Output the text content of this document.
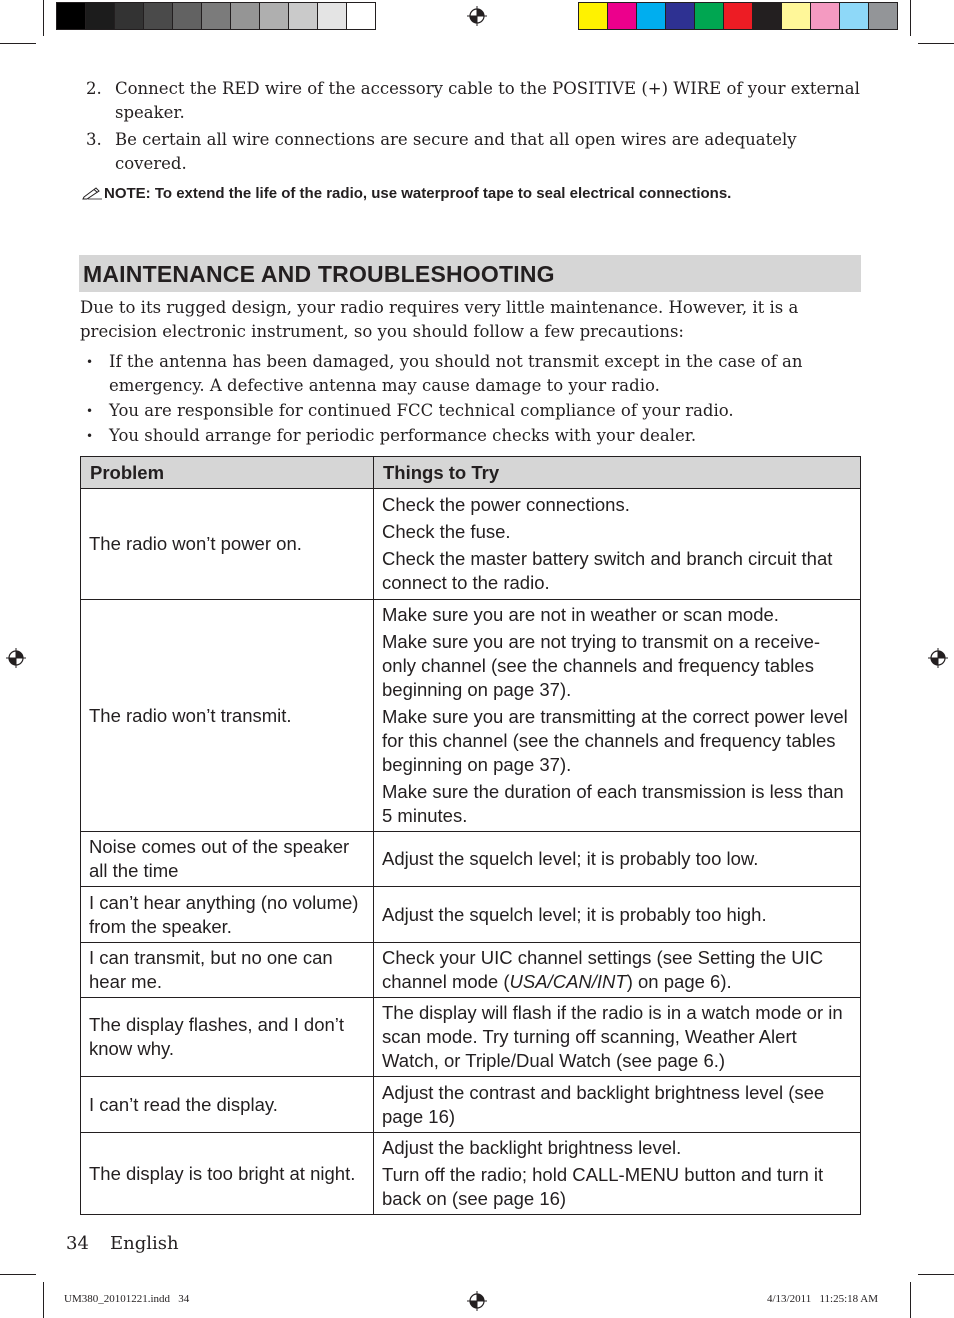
2. Connect the RED wire of the accessory cable to the POSITIVE (+) WIRE of your external speaker.
3. Be certain all wire connections are secure and that all open wires are adequately covered.
NOTE: To extend the life of the radio, use waterproof tape to seal electrical connections.
MAINTENANCE AND TROUBLESHOOTING
Due to its rugged design, your radio requires very little maintenance. However, it is a precision electronic instrument, so you should follow a few precautions:
• If the antenna has been damaged, you should not transmit except in the case of an emergency. A defective antenna may cause damage to your radio.
• You are responsible for continued FCC technical compliance of your radio.
• You should arrange for periodic performance checks with your dealer.
Problem	Things to Try
The radio won’t power on.	Check the power connections.

Check the fuse.

Check the master battery switch and branch circuit that connect to the radio.

The radio won’t transmit.	Make sure you are not in weather or scan mode.

Make sure you are not trying to transmit on a receive-only channel (see the channels and frequency tables beginning on page 37).

Make sure you are transmitting at the correct power level for this channel (see the channels and frequency tables beginning on page 37).

Make sure the duration of each transmission is less than 5 minutes.

Noise comes out of the speaker all the time	Adjust the squelch level; it is probably too low.

I can’t hear anything (no volume) from the speaker.	Adjust the squelch level; it is probably too high.

I can transmit, but no one can hear me.	Check your UIC channel settings (see Setting the UIC channel mode (USA/CAN/INT) on page 6).

The display flashes, and I don’t know why.	The display will flash if the radio is in a watch mode or in scan mode. Try turning off scanning, Weather Alert Watch, or Triple/Dual Watch (see page 6.)

I can’t read the display.	Adjust the contrast and backlight brightness level (see page 16)

The display is too bright at night.	Adjust the backlight brightness level.

Turn off the radio; hold CALL-MENU button and turn it back on (see page 16)

34 English
UM380_20101221.indd   34	4/13/2011   11:25:18 AM
